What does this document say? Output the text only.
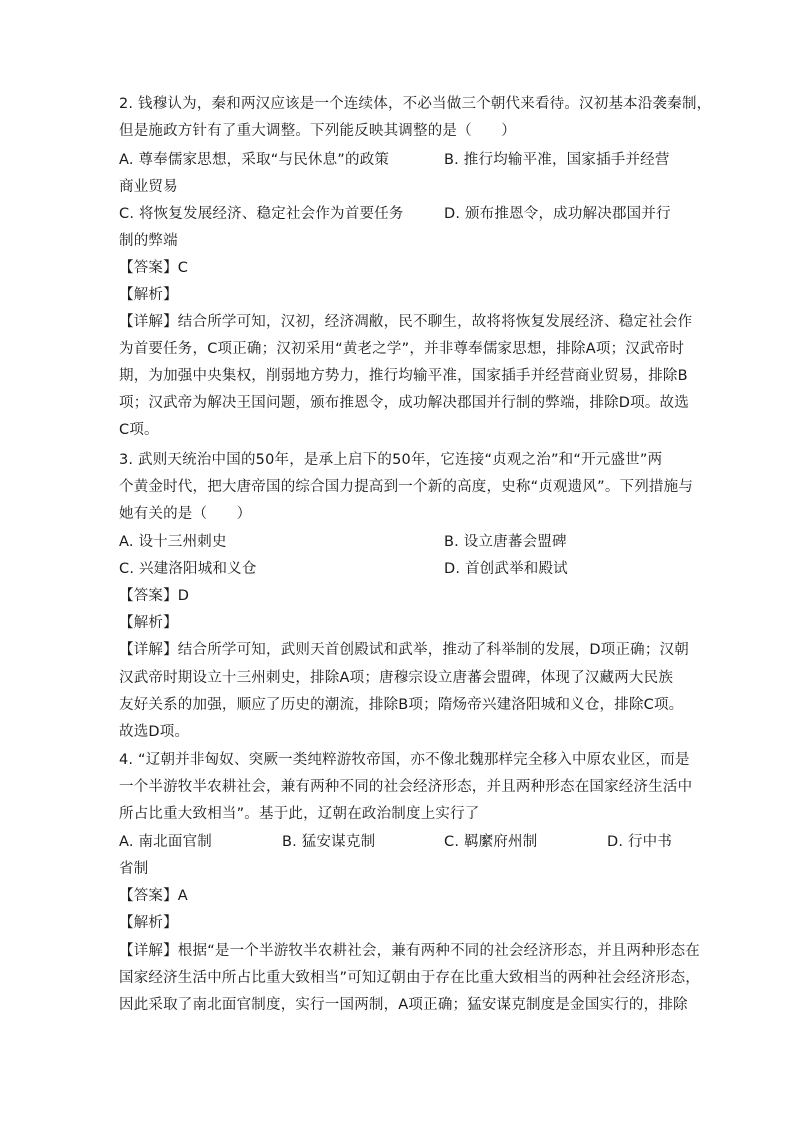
2. 钱穆认为，秦和两汉应该是一个连续体，不必当做三个朝代来看待。汉初基本沿袭秦制，
但是施政方针有了重大调整。下列能反映其调整的是（　　）
A. 尊奉儒家思想，采取“与民休息”的政策	B. 推行均输平准，国家插手并经营
商业贸易
C. 将恢复发展经济、稳定社会作为首要任务	D. 颁布推恩令，成功解决郡国并行
制的弊端
【答案】C
【解析】
【详解】结合所学可知，汉初，经济凋敝，民不聊生，故将将恢复发展经济、稳定社会作
为首要任务，C项正确；汉初采用“黄老之学”，并非尊奉儒家思想，排除A项；汉武帝时
期，为加强中央集权，削弱地方势力，推行均输平准，国家插手并经营商业贸易，排除B
项；汉武帝为解决王国问题，颁布推恩令，成功解决郡国并行制的弊端，排除D项。故选
C项。
3. 武则天统治中国的50年，是承上启下的50年，它连接“贞观之治”和“开元盛世”两
个黄金时代，把大唐帝国的综合国力提高到一个新的高度，史称“贞观遗风”。下列措施与
她有关的是（　　）
A. 设十三州刺史	B. 设立唐蕃会盟碑
C. 兴建洛阳城和义仓	D. 首创武举和殿试
【答案】D
【解析】
【详解】结合所学可知，武则天首创殿试和武举，推动了科举制的发展，D项正确；汉朝
汉武帝时期设立十三州刺史，排除A项；唐穆宗设立唐蕃会盟碑，体现了汉藏两大民族
友好关系的加强，顺应了历史的潮流，排除B项；隋炀帝兴建洛阳城和义仓，排除C项。
故选D项。
4. “辽朝并非匈奴、突厥一类纯粹游牧帝国，亦不像北魏那样完全移入中原农业区，而是
一个半游牧半农耕社会，兼有两种不同的社会经济形态，并且两种形态在国家经济生活中
所占比重大致相当”。基于此，辽朝在政治制度上实行了
A. 南北面官制	B. 猛安谋克制	C. 羁縻府州制	D. 行中书
省制
【答案】A
【解析】
【详解】根据“是一个半游牧半农耕社会，兼有两种不同的社会经济形态，并且两种形态在
国家经济生活中所占比重大致相当”可知辽朝由于存在比重大致相当的两种社会经济形态，
因此采取了南北面官制度，实行一国两制，A项正确；猛安谋克制度是金国实行的，排除
